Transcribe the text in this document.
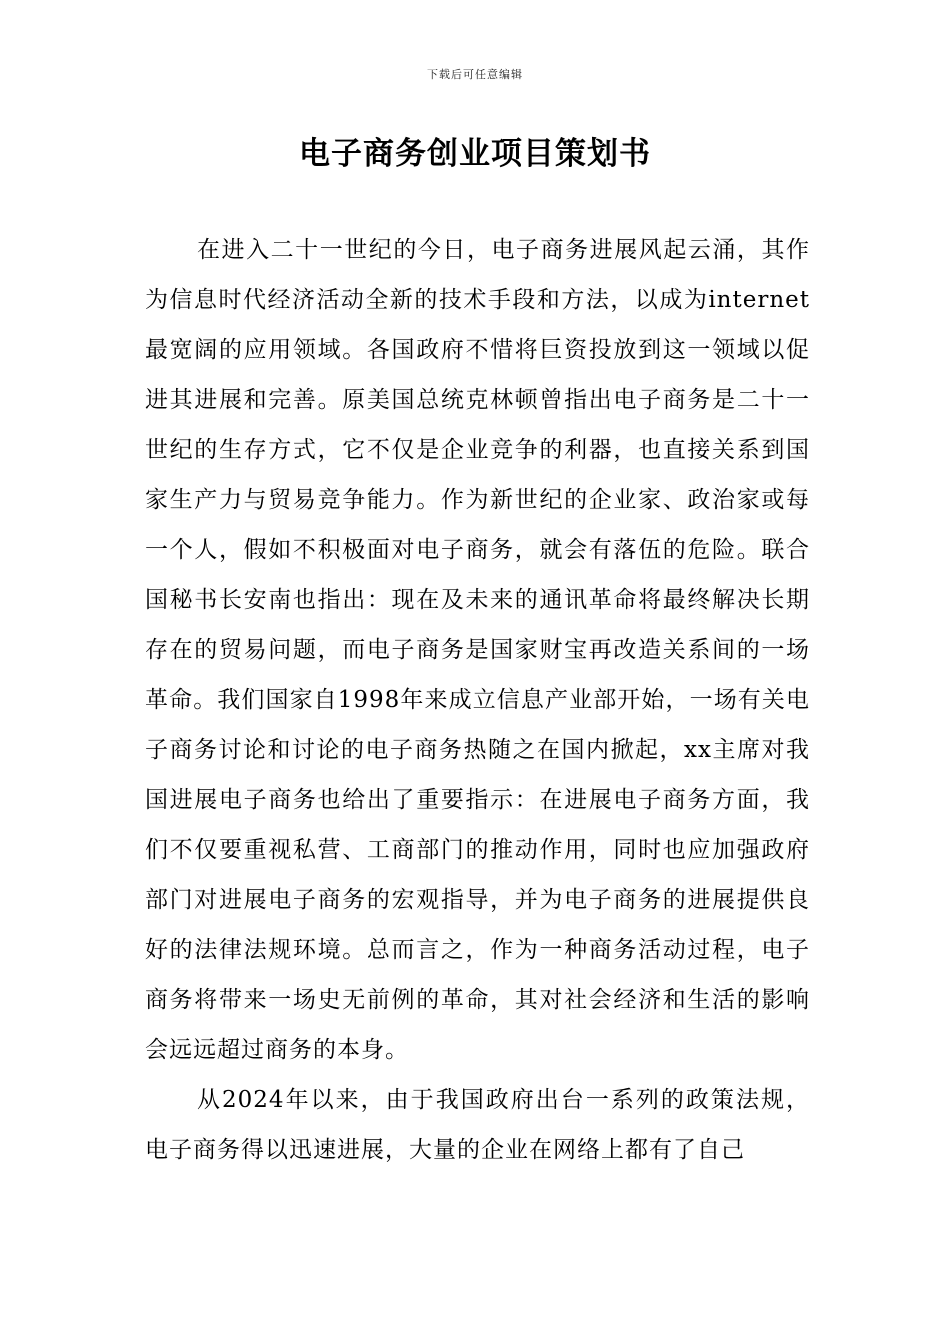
下载后可任意编辑
电子商务创业项目策划书

在进入二十一世纪的今日，电子商务进展风起云涌，其作为信息时代经济活动全新的技术手段和方法，以成为internet最宽阔的应用领域。各国政府不惜将巨资投放到这一领域以促进其进展和完善。原美国总统克林顿曾指出电子商务是二十一世纪的生存方式，它不仅是企业竞争的利器，也直接关系到国家生产力与贸易竞争能力。作为新世纪的企业家、政治家或每一个人，假如不积极面对电子商务，就会有落伍的危险。联合国秘书长安南也指出：现在及未来的通讯革命将最终解决长期存在的贸易问题，而电子商务是国家财宝再改造关系间的一场革命。我们国家自1998年来成立信息产业部开始，一场有关电子商务讨论和讨论的电子商务热随之在国内掀起，xx主席对我国进展电子商务也给出了重要指示：在进展电子商务方面，我们不仅要重视私营、工商部门的推动作用，同时也应加强政府部门对进展电子商务的宏观指导，并为电子商务的进展提供良好的法律法规环境。总而言之，作为一种商务活动过程，电子商务将带来一场史无前例的革命，其对社会经济和生活的影响会远远超过商务的本身。

从2024年以来，由于我国政府出台一系列的政策法规，电子商务得以迅速进展，大量的企业在网络上都有了自己
